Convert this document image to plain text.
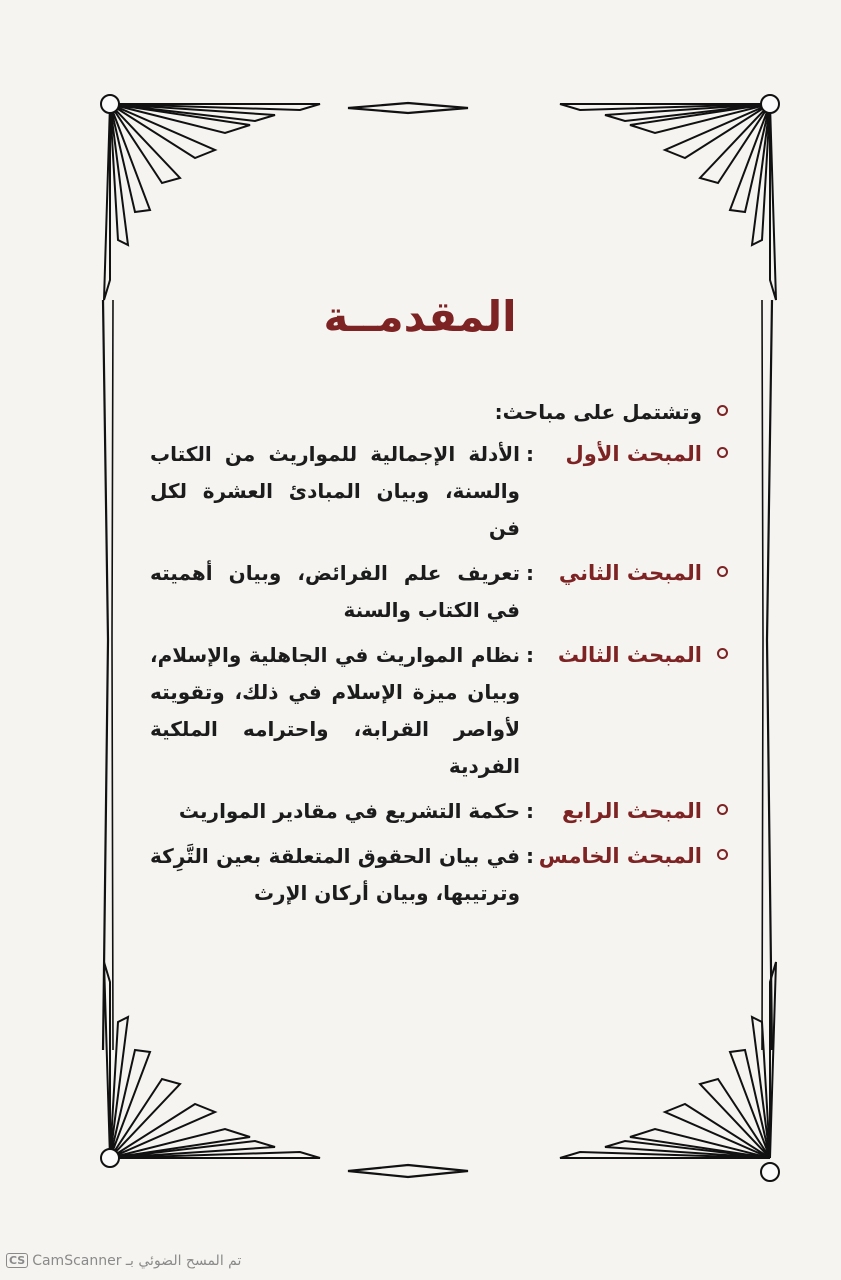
المقدمــة
وتشتمل على مباحث:
المبحث الأول
:
الأدلة الإجمالية للمواريث من الكتاب والسنة، وبيان المبادئ العشرة لكل فن
المبحث الثاني
:
تعريف علم الفرائض، وبيان أهميته في الكتاب والسنة
المبحث الثالث
:
نظام المواريث في الجاهلية والإسلام، وبيان ميزة الإسلام في ذلك، وتقويته لأواصر القرابة، واحترامه الملكية الفردية
المبحث الرابع
:
حكمة التشريع في مقادير المواريث
المبحث الخامس
:
في بيان الحقوق المتعلقة بعين التَّرِكة وترتيبها، وبيان أركان الإرث
CS تم المسح الضوئي بـ CamScanner
